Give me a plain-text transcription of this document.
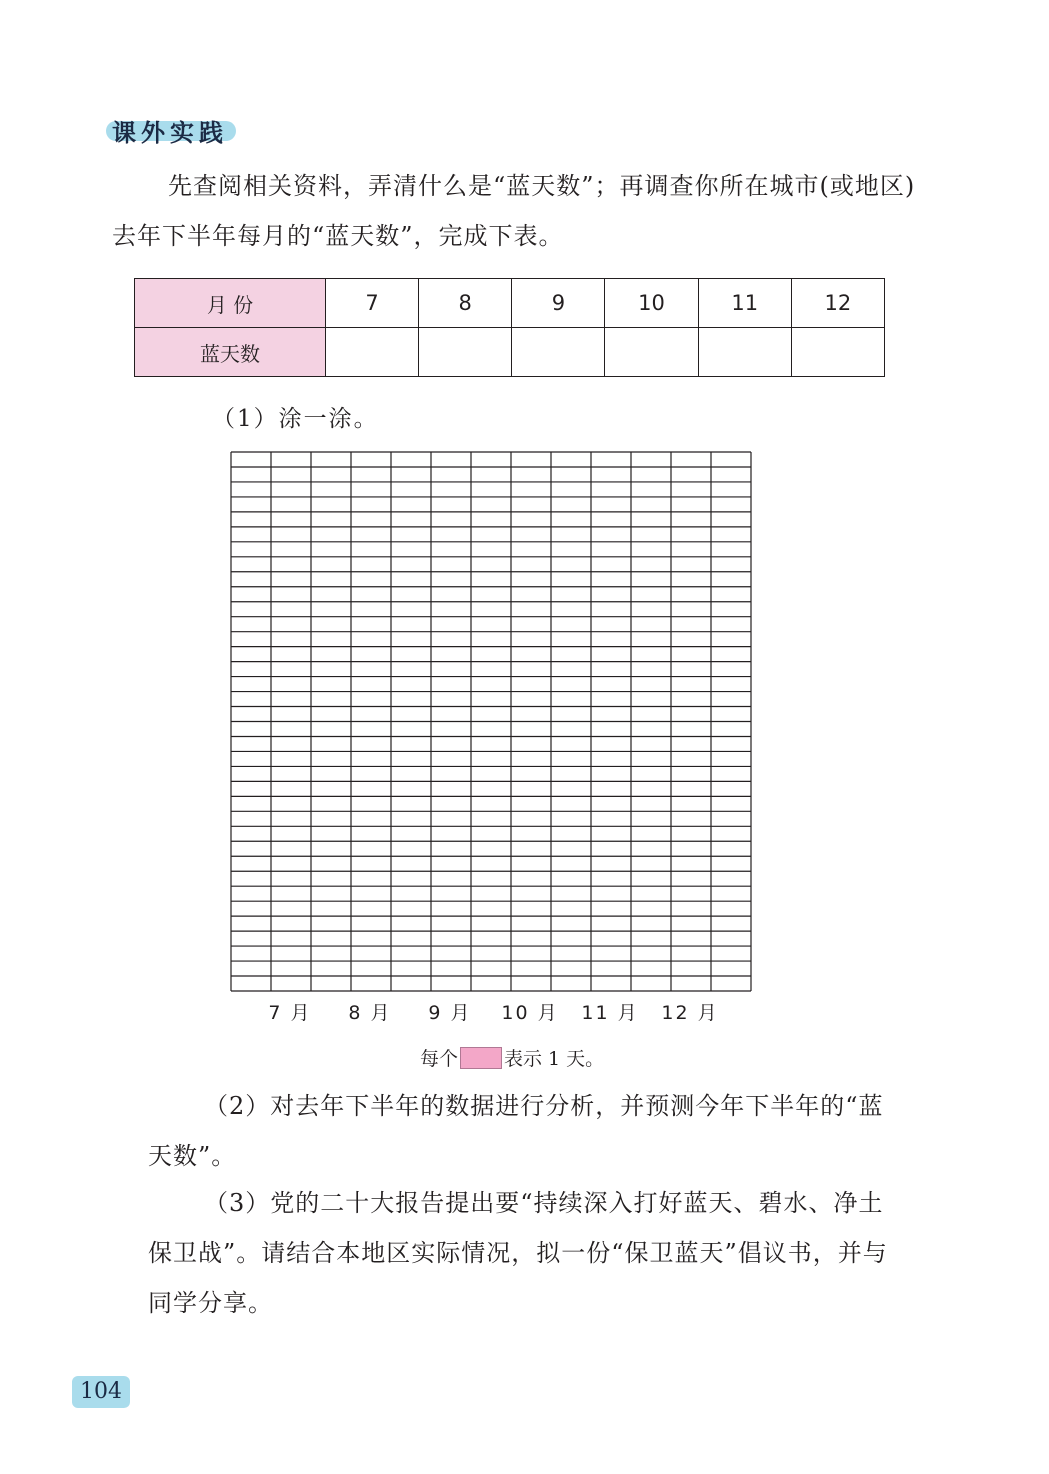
课外实践

先查阅相关资料，弄清什么是“蓝天数”；再调查你所在城市(或地区)去年下半年每月的“蓝天数”，完成下表。

月 份	7	8	9	10	11	12
蓝天数						

（1）涂一涂。

7 月	8 月	9 月	10 月	11 月	12 月
每个 表示 1 天。

（2）对去年下半年的数据进行分析，并预测今年下半年的“蓝天数”。

（3）党的二十大报告提出要“持续深入打好蓝天、碧水、净土保卫战”。请结合本地区实际情况，拟一份“保卫蓝天”倡议书，并与同学分享。

104
